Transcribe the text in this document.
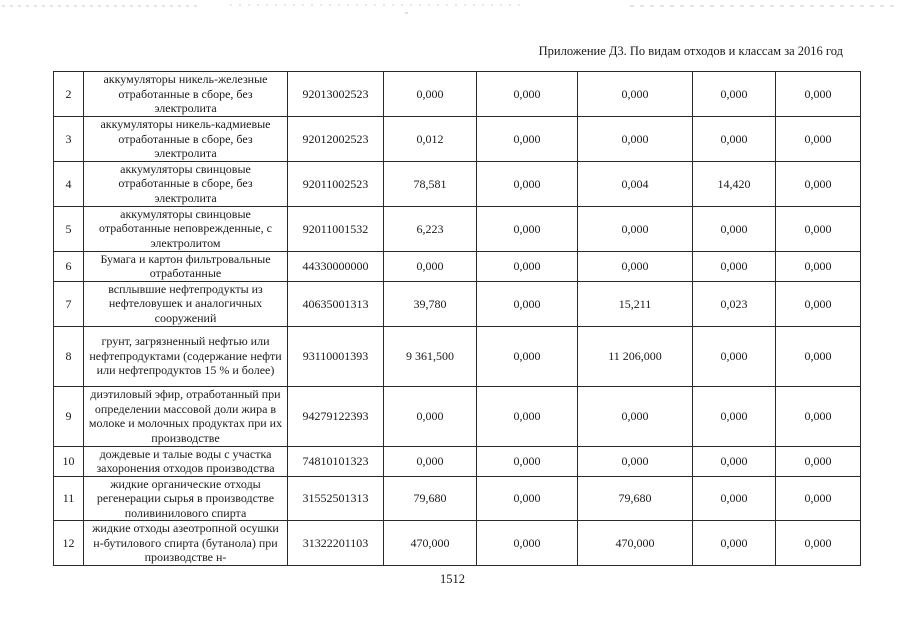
Приложение Д3. По видам отходов и классам за 2016 год
2	аккумуляторы никель-железные отработанные в сборе, без электролита	92013002523	0,000	0,000	0,000	0,000	0,000
3	аккумуляторы никель-кадмиевые отработанные в сборе, без электролита	92012002523	0,012	0,000	0,000	0,000	0,000
4	аккумуляторы свинцовые отработанные в сборе, без электролита	92011002523	78,581	0,000	0,004	14,420	0,000
5	аккумуляторы свинцовые отработанные неповрежденные, с электролитом	92011001532	6,223	0,000	0,000	0,000	0,000
6	Бумага и картон фильтровальные отработанные	44330000000	0,000	0,000	0,000	0,000	0,000
7	всплывшие нефтепродукты из нефтеловушек и аналогичных сооружений	40635001313	39,780	0,000	15,211	0,023	0,000
8	грунт, загрязненный нефтью или нефтепродуктами (содержание нефти или нефтепродуктов 15 % и более)	93110001393	9 361,500	0,000	11 206,000	0,000	0,000
9	диэтиловый эфир, отработанный при определении массовой доли жира в молоке и молочных продуктах при их производстве	94279122393	0,000	0,000	0,000	0,000	0,000
10	дождевые и талые воды с участка захоронения отходов производства	74810101323	0,000	0,000	0,000	0,000	0,000
11	жидкие органические отходы регенерации сырья в производстве поливинилового спирта	31552501313	79,680	0,000	79,680	0,000	0,000
12	жидкие отходы азеотропной осушки н-бутилового спирта (бутанола) при производстве н-	31322201103	470,000	0,000	470,000	0,000	0,000
1512
